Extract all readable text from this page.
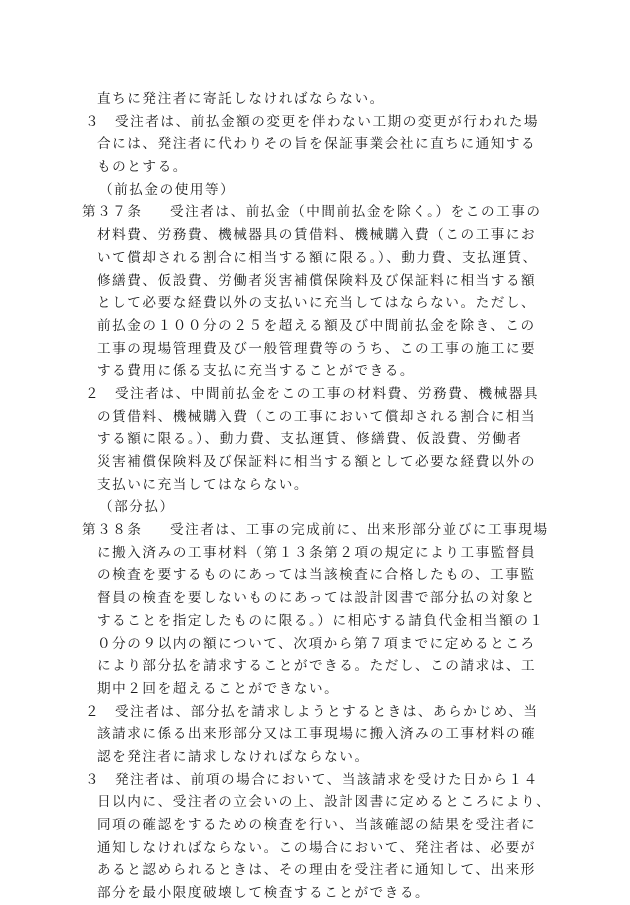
直ちに発注者に寄託しなければならない。
３ 受注者は、前払金額の変更を伴わない工期の変更が行われた場
合には、発注者に代わりその旨を保証事業会社に直ちに通知する
ものとする。
（前払金の使用等）
第３７条 受注者は、前払金（中間前払金を除く。）をこの工事の
材料費、労務費、機械器具の賃借料、機械購入費（この工事にお
いて償却される割合に相当する額に限る。）、動力費、支払運賃、
修繕費、仮設費、労働者災害補償保険料及び保証料に相当する額
として必要な経費以外の支払いに充当してはならない。ただし、
前払金の１００分の２５を超える額及び中間前払金を除き、この
工事の現場管理費及び一般管理費等のうち、この工事の施工に要
する費用に係る支払に充当することができる。
２ 受注者は、中間前払金をこの工事の材料費、労務費、機械器具
の賃借料、機械購入費（この工事において償却される割合に相当
する額に限る。）、動力費、支払運賃、修繕費、仮設費、労働者
災害補償保険料及び保証料に相当する額として必要な経費以外の
支払いに充当してはならない。
（部分払）
第３８条 受注者は、工事の完成前に、出来形部分並びに工事現場
に搬入済みの工事材料（第１３条第２項の規定により工事監督員
の検査を要するものにあっては当該検査に合格したもの、工事監
督員の検査を要しないものにあっては設計図書で部分払の対象と
することを指定したものに限る。）に相応する請負代金相当額の１
０分の９以内の額について、次項から第７項までに定めるところ
により部分払を請求することができる。ただし、この請求は、工
期中２回を超えることができない。
２ 受注者は、部分払を請求しようとするときは、あらかじめ、当
該請求に係る出来形部分又は工事現場に搬入済みの工事材料の確
認を発注者に請求しなければならない。
３ 発注者は、前項の場合において、当該請求を受けた日から１４
日以内に、受注者の立会いの上、設計図書に定めるところにより、
同項の確認をするための検査を行い、当該確認の結果を受注者に
通知しなければならない。この場合において、発注者は、必要が
あると認められるときは、その理由を受注者に通知して、出来形
部分を最小限度破壊して検査することができる。
